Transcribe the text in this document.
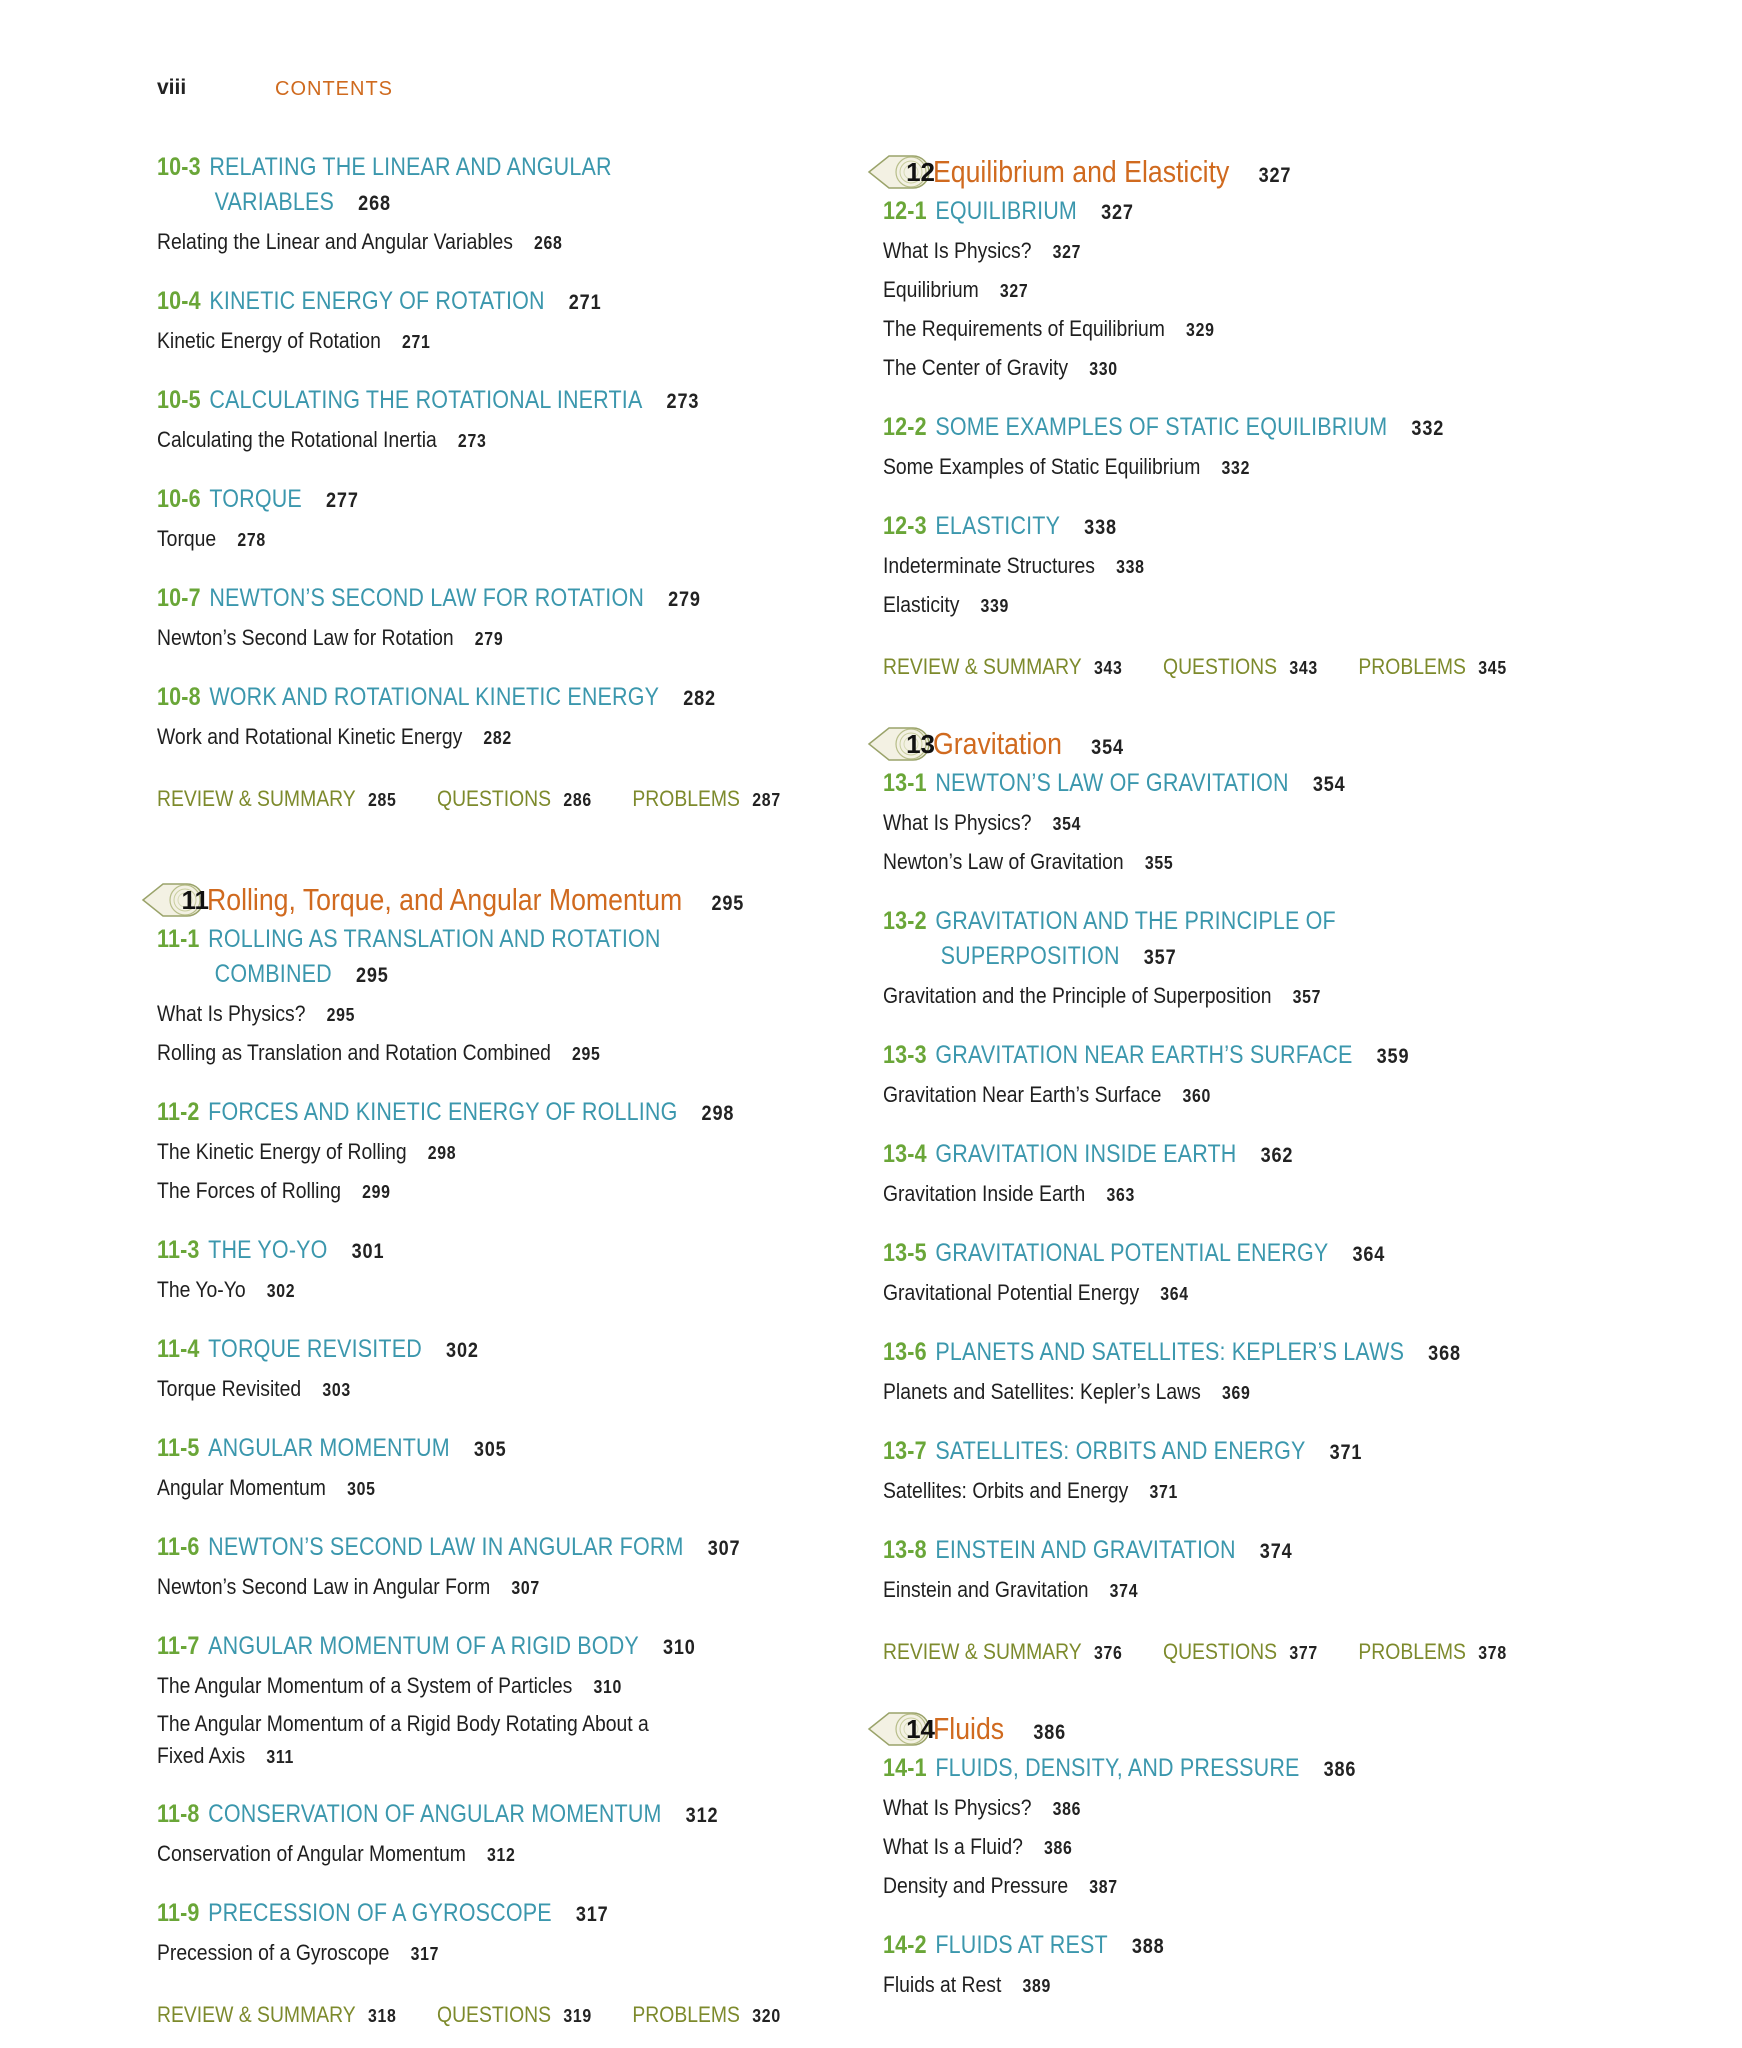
viii	CONTENTS
10-3 RELATING THE LINEAR AND ANGULAR
VARIABLES 268
Relating the Linear and Angular Variables 268
10-4 KINETIC ENERGY OF ROTATION 271
Kinetic Energy of Rotation 271
10-5 CALCULATING THE ROTATIONAL INERTIA 273
Calculating the Rotational Inertia 273
10-6 TORQUE 277
Torque 278
10-7 NEWTON’S SECOND LAW FOR ROTATION 279
Newton’s Second Law for Rotation 279
10-8 WORK AND ROTATIONAL KINETIC ENERGY 282
Work and Rotational Kinetic Energy 282
REVIEW & SUMMARY 285 QUESTIONS 286 PROBLEMS 287
11
Rolling, Torque, and Angular Momentum 295
11-1 ROLLING AS TRANSLATION AND ROTATION
COMBINED 295
What Is Physics? 295
Rolling as Translation and Rotation Combined 295
11-2 FORCES AND KINETIC ENERGY OF ROLLING 298
The Kinetic Energy of Rolling 298
The Forces of Rolling 299
11-3 THE YO-YO 301
The Yo-Yo 302
11-4 TORQUE REVISITED 302
Torque Revisited 303
11-5 ANGULAR MOMENTUM 305
Angular Momentum 305
11-6 NEWTON’S SECOND LAW IN ANGULAR FORM 307
Newton’s Second Law in Angular Form 307
11-7 ANGULAR MOMENTUM OF A RIGID BODY 310
The Angular Momentum of a System of Particles 310
The Angular Momentum of a Rigid Body Rotating About a Fixed Axis 311
11-8 CONSERVATION OF ANGULAR MOMENTUM 312
Conservation of Angular Momentum 312
11-9 PRECESSION OF A GYROSCOPE 317
Precession of a Gyroscope 317
REVIEW & SUMMARY 318 QUESTIONS 319 PROBLEMS 320
12
Equilibrium and Elasticity 327
12-1 EQUILIBRIUM 327
What Is Physics? 327
Equilibrium 327
The Requirements of Equilibrium 329
The Center of Gravity 330
12-2 SOME EXAMPLES OF STATIC EQUILIBRIUM 332
Some Examples of Static Equilibrium 332
12-3 ELASTICITY 338
Indeterminate Structures 338
Elasticity 339
REVIEW & SUMMARY 343 QUESTIONS 343 PROBLEMS 345
13
Gravitation 354
13-1 NEWTON’S LAW OF GRAVITATION 354
What Is Physics? 354
Newton’s Law of Gravitation 355
13-2 GRAVITATION AND THE PRINCIPLE OF
SUPERPOSITION 357
Gravitation and the Principle of Superposition 357
13-3 GRAVITATION NEAR EARTH’S SURFACE 359
Gravitation Near Earth’s Surface 360
13-4 GRAVITATION INSIDE EARTH 362
Gravitation Inside Earth 363
13-5 GRAVITATIONAL POTENTIAL ENERGY 364
Gravitational Potential Energy 364
13-6 PLANETS AND SATELLITES: KEPLER’S LAWS 368
Planets and Satellites: Kepler’s Laws 369
13-7 SATELLITES: ORBITS AND ENERGY 371
Satellites: Orbits and Energy 371
13-8 EINSTEIN AND GRAVITATION 374
Einstein and Gravitation 374
REVIEW & SUMMARY 376 QUESTIONS 377 PROBLEMS 378
14
Fluids 386
14-1 FLUIDS, DENSITY, AND PRESSURE 386
What Is Physics? 386
What Is a Fluid? 386
Density and Pressure 387
14-2 FLUIDS AT REST 388
Fluids at Rest 389
